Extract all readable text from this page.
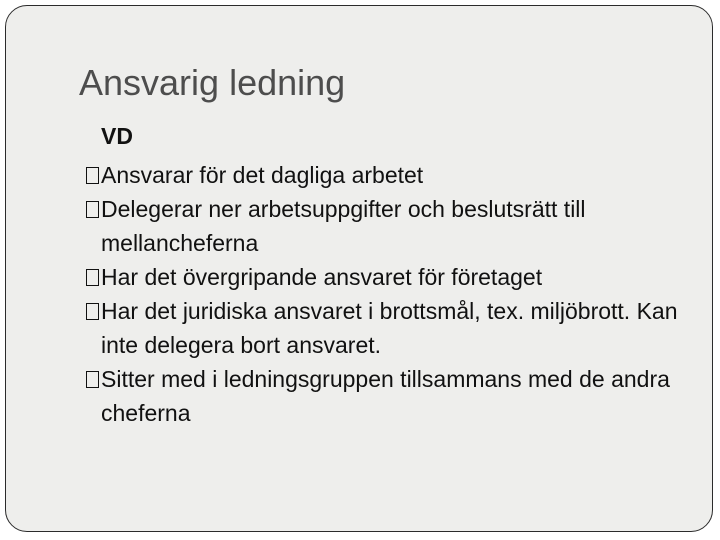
Ansvarig ledning
VD
Ansvarar för det dagliga arbetet
Delegerar ner arbetsuppgifter och beslutsrätt till mellancheferna
Har det övergripande ansvaret för företaget
Har det juridiska ansvaret i brottsmål, tex. miljöbrott. Kan inte delegera bort ansvaret.
Sitter med i ledningsgruppen tillsammans med de andra cheferna
